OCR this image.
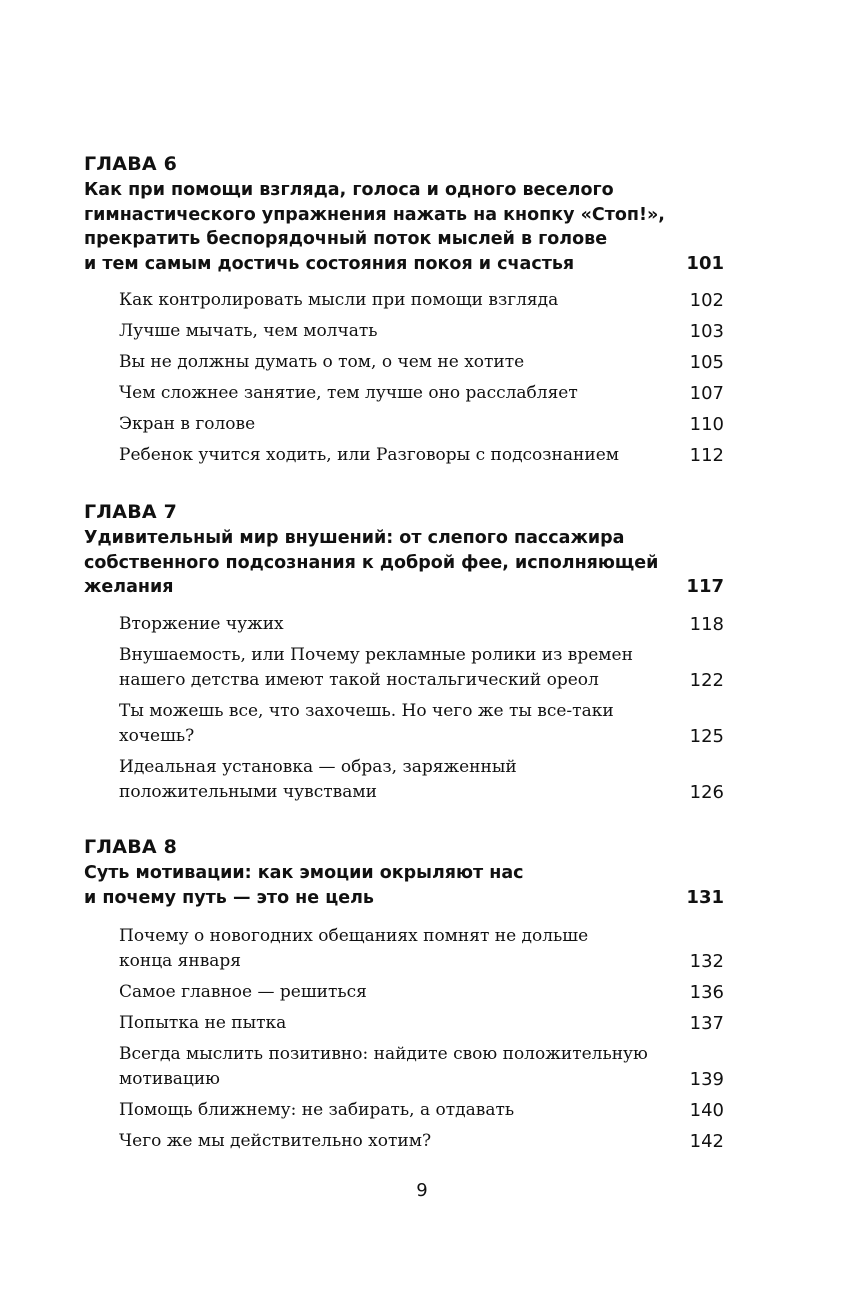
ГЛАВА 6
Как при помощи взгляда, голоса и одного веселого
гимнастического упражнения нажать на кнопку «Стоп!»,
прекратить беспорядочный поток мыслей в голове
и тем самым достичь состояния покоя и счастья	101
Как контролировать мысли при помощи взгляда	102
Лучше мычать, чем молчать	103
Вы не должны думать о том, о чем не хотите	105
Чем сложнее занятие, тем лучше оно расслабляет	107
Экран в голове	110
Ребенок учится ходить, или Разговоры с подсознанием	112
ГЛАВА 7
Удивительный мир внушений: от слепого пассажира
собственного подсознания к доброй фее, исполняющей
желания	117
Вторжение чужих	118
Внушаемость, или Почему рекламные ролики из времен
нашего детства имеют такой ностальгический ореол	122
Ты можешь все, что захочешь. Но чего же ты все-таки
хочешь?	125
Идеальная установка — образ, заряженный
положительными чувствами	126
ГЛАВА 8
Суть мотивации: как эмоции окрыляют нас
и почему путь — это не цель	131
Почему о новогодних обещаниях помнят не дольше
конца января	132
Самое главное — решиться	136
Попытка не пытка	137
Всегда мыслить позитивно: найдите свою положительную
мотивацию	139
Помощь ближнему: не забирать, а отдавать	140
Чего же мы действительно хотим?	142
9
